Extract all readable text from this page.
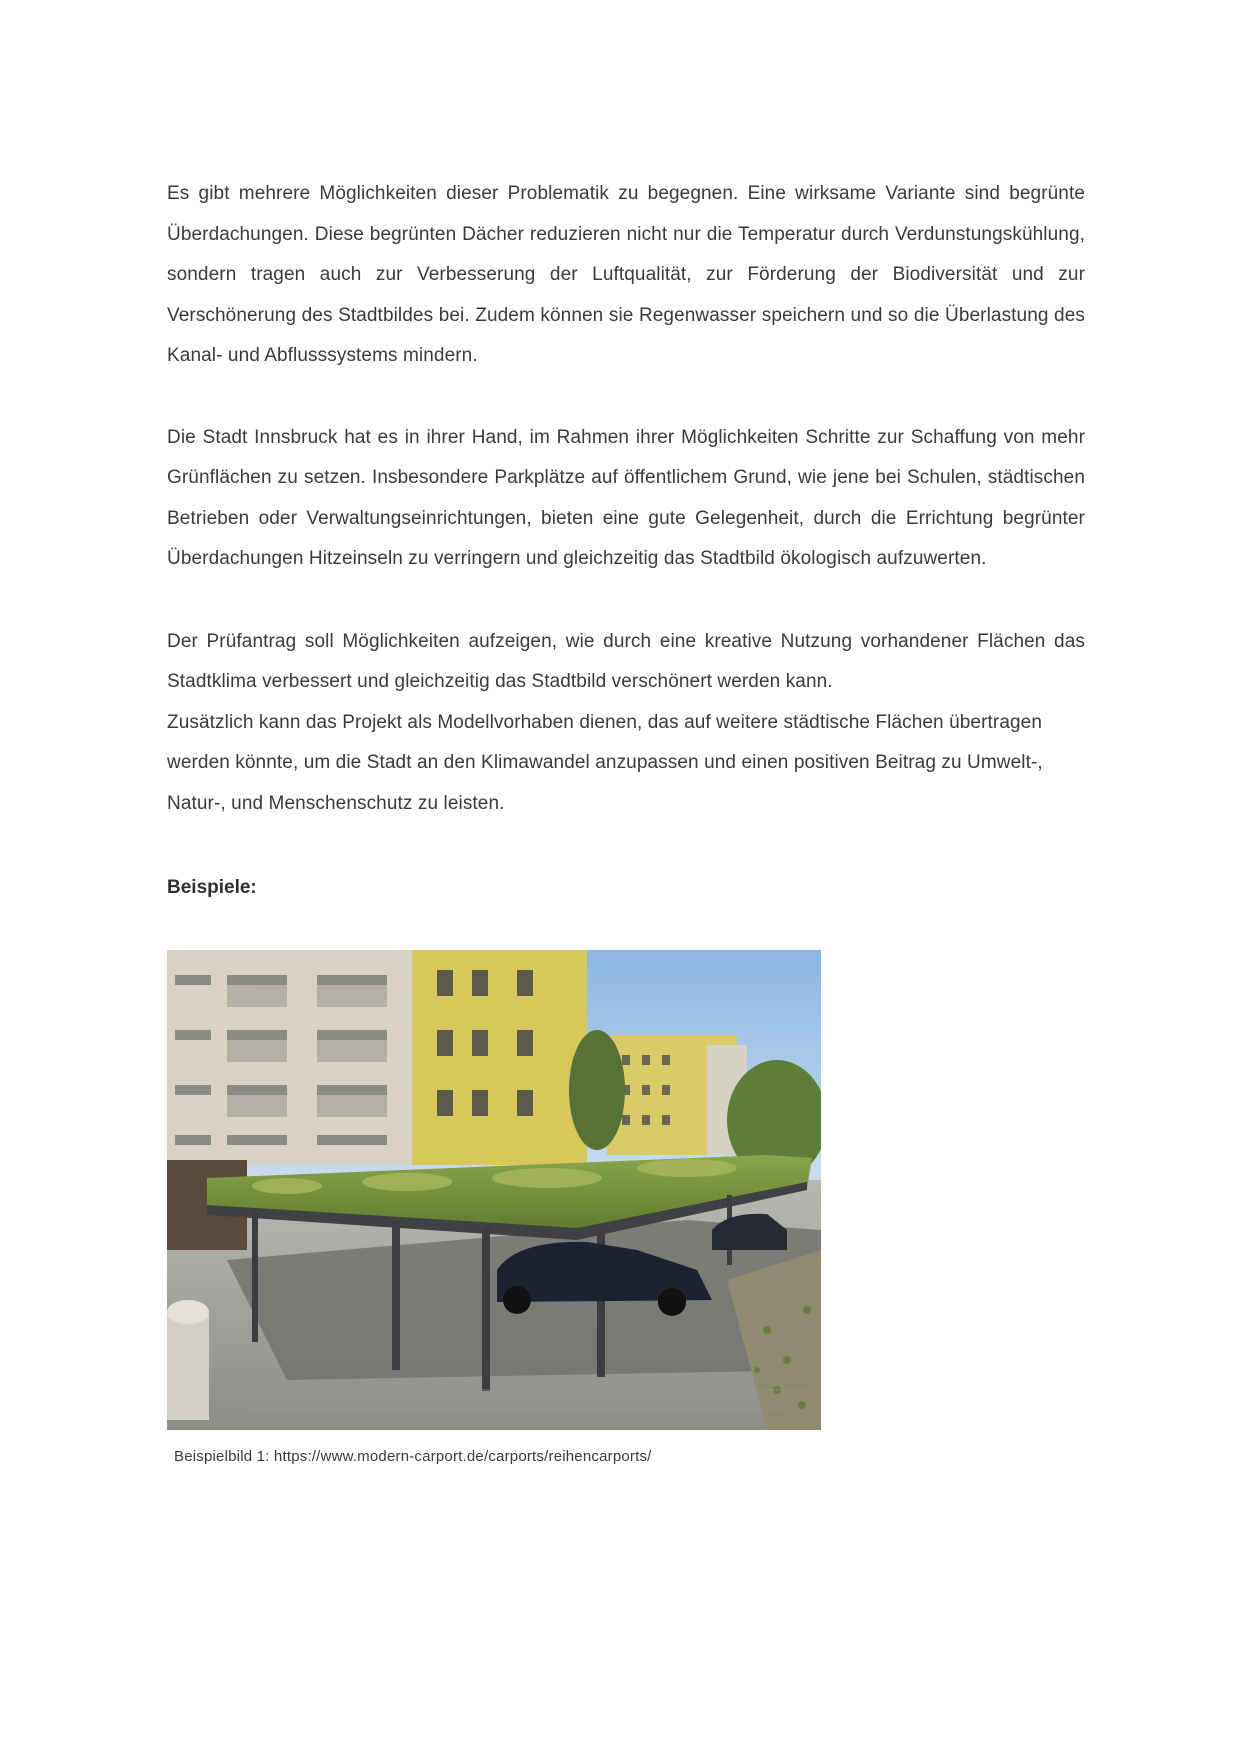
Es gibt mehrere Möglichkeiten dieser Problematik zu begegnen. Eine wirksame Variante sind begrünte Überdachungen. Diese begrünten Dächer reduzieren nicht nur die Temperatur durch Verdunstungskühlung, sondern tragen auch zur Verbesserung der Luftqualität, zur Förderung der Biodiversität und zur Verschönerung des Stadtbildes bei. Zudem können sie Regenwasser speichern und so die Überlastung des Kanal- und Abflusssystems mindern.

Die Stadt Innsbruck hat es in ihrer Hand, im Rahmen ihrer Möglichkeiten Schritte zur Schaffung von mehr Grünflächen zu setzen. Insbesondere Parkplätze auf öffentlichem Grund, wie jene bei Schulen, städtischen Betrieben oder Verwaltungseinrichtungen, bieten eine gute Gelegenheit, durch die Errichtung begrünter Überdachungen Hitzeinseln zu verringern und gleichzeitig das Stadtbild ökologisch aufzuwerten.

Der Prüfantrag soll Möglichkeiten aufzeigen, wie durch eine kreative Nutzung vorhandener Flächen das Stadtklima verbessert und gleichzeitig das Stadtbild verschönert werden kann.

Zusätzlich kann das Projekt als Modellvorhaben dienen, das auf weitere städtische Flächen übertragen werden könnte, um die Stadt an den Klimawandel anzupassen und einen positiven Beitrag zu Umwelt-, Natur-, und Menschenschutz zu leisten.

Beispiele:
Beispielbild 1: https://www.modern-carport.de/carports/reihencarports/
